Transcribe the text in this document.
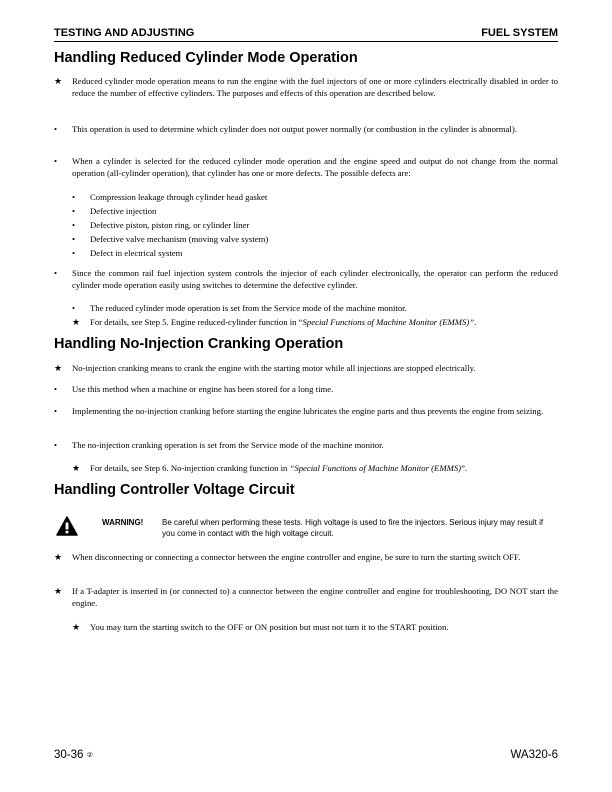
TESTING AND ADJUSTING	FUEL SYSTEM
Handling Reduced Cylinder Mode Operation
★	Reduced cylinder mode operation means to run the engine with the fuel injectors of one or more cylinders electrically disabled in order to reduce the number of effective cylinders. The purposes and effects of this operation are described below.
•	This operation is used to determine which cylinder does not output power normally (or combustion in the cylinder is abnormal).
•	When a cylinder is selected for the reduced cylinder mode operation and the engine speed and output do not change from the normal operation (all-cylinder operation), that cylinder has one or more defects. The possible defects are:
•	Compression leakage through cylinder head gasket
•	Defective injection
•	Defective piston, piston ring, or cylinder liner
•	Defective valve mechanism (moving valve system)
•	Defect in electrical system
•	Since the common rail fuel injection system controls the injector of each cylinder electronically, the operator can perform the reduced cylinder mode operation easily using switches to determine the defective cylinder.
•	The reduced cylinder mode operation is set from the Service mode of the machine monitor.
★	For details, see Step 5. Engine reduced-cylinder function in “Special Functions of Machine Monitor (EMMS)”.
Handling No-Injection Cranking Operation
★	No-injection cranking means to crank the engine with the starting motor while all injections are stopped electrically.
•	Use this method when a machine or engine has been stored for a long time.
•	Implementing the no-injection cranking before starting the engine lubricates the engine parts and thus prevents the engine from seizing.
•	The no-injection cranking operation is set from the Service mode of the machine monitor.
★	For details, see Step 6. No-injection cranking function in “Special Functions of Machine Monitor (EMMS)”.
Handling Controller Voltage Circuit
WARNING! Be careful when performing these tests. High voltage is used to fire the injectors. Serious injury may result if you come in contact with the high voltage circuit.
★	When disconnecting or connecting a connector between the engine controller and engine, be sure to turn the starting switch OFF.
★	If a T-adapter is inserted in (or connected to) a connector between the engine controller and engine for troubleshooting, DO NOT start the engine.
★	You may turn the starting switch to the OFF or ON position but must not turn it to the START position.
30-36 ②	WA320-6
